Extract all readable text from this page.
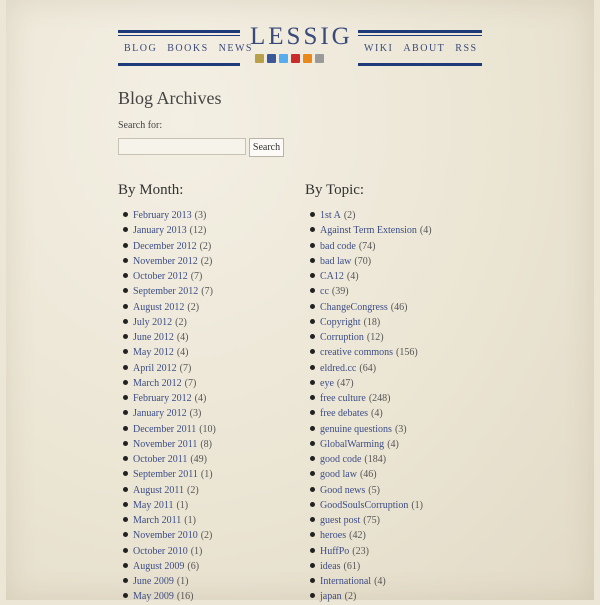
BLOG BOOKS NEWS
LESSIG WIKI ABOUT RSS
Blog Archives
Search for:
Search
By Month:
February 2013 (3)
January 2013 (12)
December 2012 (2)
November 2012 (2)
October 2012 (7)
September 2012 (7)
August 2012 (2)
July 2012 (2)
June 2012 (4)
May 2012 (4)
April 2012 (7)
March 2012 (7)
February 2012 (4)
January 2012 (3)
December 2011 (10)
November 2011 (8)
October 2011 (49)
September 2011 (1)
August 2011 (2)
May 2011 (1)
March 2011 (1)
November 2010 (2)
October 2010 (1)
August 2009 (6)
June 2009 (1)
May 2009 (16)
By Topic:
1st A (2)
Against Term Extension (4)
bad code (74)
bad law (70)
CA12 (4)
cc (39)
ChangeCongress (46)
Copyright (18)
Corruption (12)
creative commons (156)
eldred.cc (64)
eye (47)
free culture (248)
free debates (4)
genuine questions (3)
GlobalWarming (4)
good code (184)
good law (46)
Good news (5)
GoodSoulsCorruption (1)
guest post (75)
heroes (42)
HuffPo (23)
ideas (61)
International (4)
japan (2)
